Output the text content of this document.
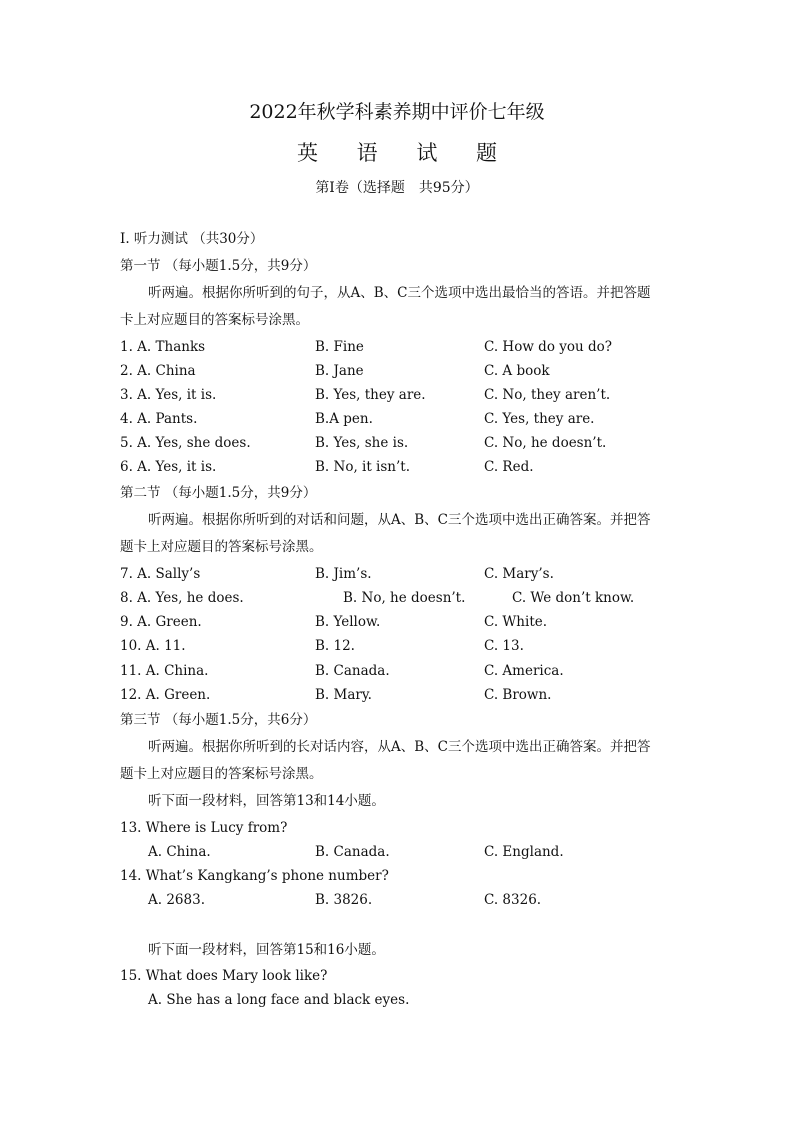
2022年秋学科素养期中评价七年级
英 语 试 题
第Ⅰ卷（选择题　共95分）
Ⅰ. 听力测试 （共30分）
第一节 （每小题1.5分，共9分）
听两遍。根据你所听到的句子，从A、B、C三个选项中选出最恰当的答语。并把答题
卡上对应题目的答案标号涂黑。
1. A. Thanks	B. Fine	C. How do you do?
2. A. China	B. Jane	C. A book
3. A. Yes, it is.	B. Yes, they are.	C. No, they aren’t.
4. A. Pants.	B.A pen.	C. Yes, they are.
5. A. Yes, she does.	B. Yes, she is.	C. No, he doesn’t.
6. A. Yes, it is.	B. No, it isn’t.	C. Red.
第二节 （每小题1.5分，共9分）
听两遍。根据你所听到的对话和问题，从A、B、C三个选项中选出正确答案。并把答
题卡上对应题目的答案标号涂黑。
7. A. Sally’s	B. Jim’s.	C. Mary’s.
8. A. Yes, he does.	B. No, he doesn’t.	C. We don’t know.
9. A. Green.	B. Yellow.	C. White.
10. A. 11.	B. 12.	C. 13.
11. A. China.	B. Canada.	C. America.
12. A. Green.	B. Mary.	C. Brown.
第三节 （每小题1.5分，共6分）
听两遍。根据你所听到的长对话内容，从A、B、C三个选项中选出正确答案。并把答
题卡上对应题目的答案标号涂黑。
听下面一段材料，回答第13和14小题。
13. Where is Lucy from?
A. China.	B. Canada.	C. England.
14. What’s Kangkang’s phone number?
A. 2683.	B. 3826.	C. 8326.
听下面一段材料，回答第15和16小题。
15. What does Mary look like?
A. She has a long face and black eyes.
